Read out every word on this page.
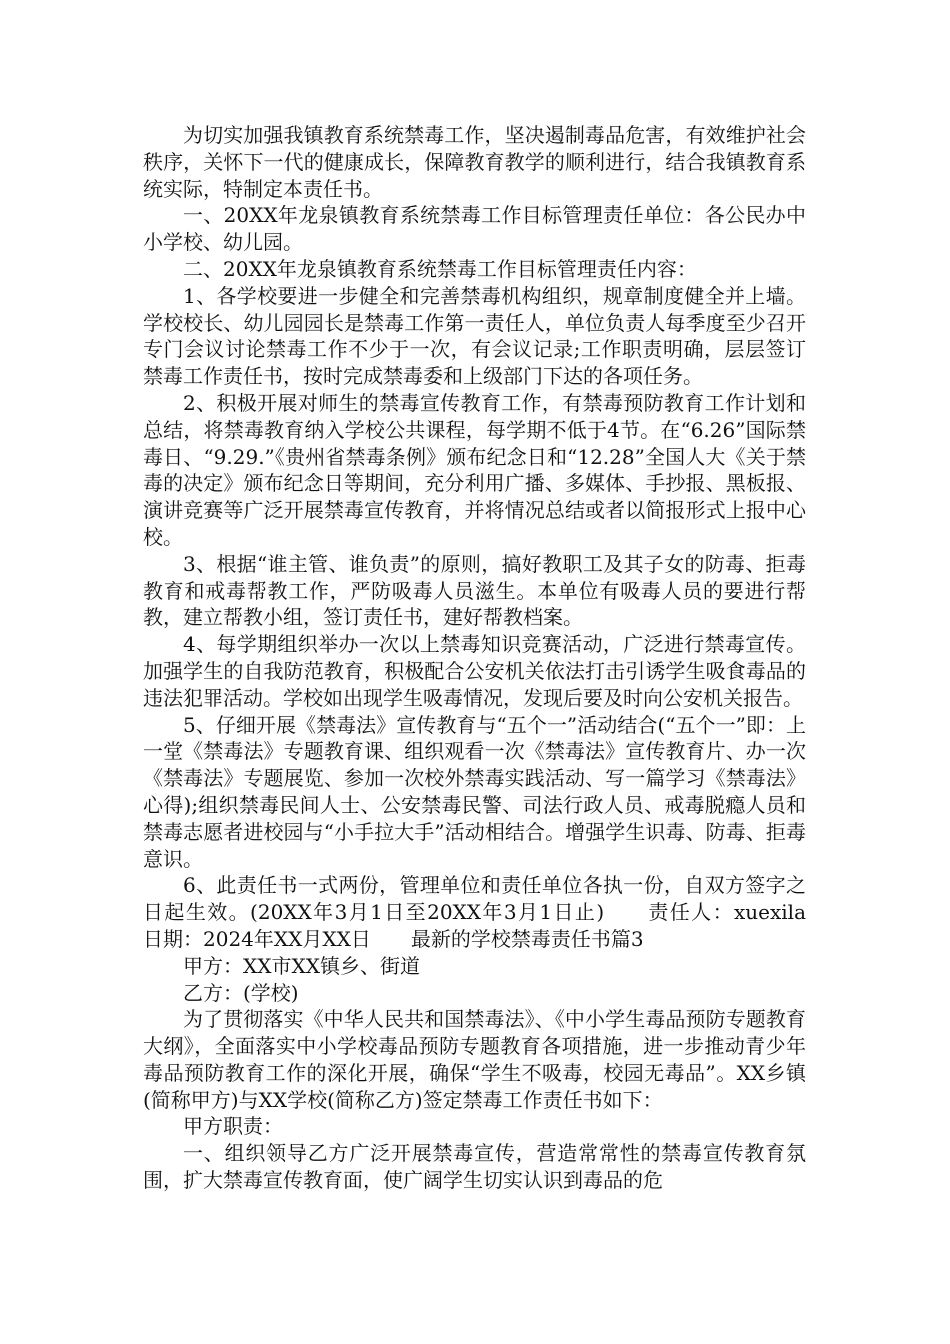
为切实加强我镇教育系统禁毒工作，坚决遏制毒品危害，有效维护社会秩序，关怀下一代的健康成长，保障教育教学的顺利进行，结合我镇教育系统实际，特制定本责任书。

一、20XX年龙泉镇教育系统禁毒工作目标管理责任单位：各公民办中小学校、幼儿园。

二、20XX年龙泉镇教育系统禁毒工作目标管理责任内容：

1、各学校要进一步健全和完善禁毒机构组织，规章制度健全并上墙。学校校长、幼儿园园长是禁毒工作第一责任人，单位负责人每季度至少召开专门会议讨论禁毒工作不少于一次，有会议记录;工作职责明确，层层签订禁毒工作责任书，按时完成禁毒委和上级部门下达的各项任务。

2、积极开展对师生的禁毒宣传教育工作，有禁毒预防教育工作计划和总结，将禁毒教育纳入学校公共课程，每学期不低于4节。在“6.26”国际禁毒日、“9.29.”《贵州省禁毒条例》颁布纪念日和“12.28”全国人大《关于禁毒的决定》颁布纪念日等期间，充分利用广播、多媒体、手抄报、黑板报、演讲竞赛等广泛开展禁毒宣传教育，并将情况总结或者以简报形式上报中心校。

3、根据“谁主管、谁负责”的原则，搞好教职工及其子女的防毒、拒毒教育和戒毒帮教工作，严防吸毒人员滋生。本单位有吸毒人员的要进行帮教，建立帮教小组，签订责任书，建好帮教档案。

4、每学期组织举办一次以上禁毒知识竞赛活动，广泛进行禁毒宣传。加强学生的自我防范教育，积极配合公安机关依法打击引诱学生吸食毒品的违法犯罪活动。学校如出现学生吸毒情况，发现后要及时向公安机关报告。

5、仔细开展《禁毒法》宣传教育与“五个一”活动结合(“五个一”即：上一堂《禁毒法》专题教育课、组织观看一次《禁毒法》宣传教育片、办一次《禁毒法》专题展览、参加一次校外禁毒实践活动、写一篇学习《禁毒法》心得);组织禁毒民间人士、公安禁毒民警、司法行政人员、戒毒脱瘾人员和禁毒志愿者进校园与“小手拉大手”活动相结合。增强学生识毒、防毒、拒毒意识。

6、此责任书一式两份，管理单位和责任单位各执一份，自双方签字之日起生效。(20XX年3月1日至20XX年3月1日止)　　责任人：xuexila　　日期：2024年XX月XX日　　最新的学校禁毒责任书篇3

甲方：XX市XX镇乡、街道

乙方：(学校)

为了贯彻落实《中华人民共和国禁毒法》、《中小学生毒品预防专题教育大纲》，全面落实中小学校毒品预防专题教育各项措施，进一步推动青少年毒品预防教育工作的深化开展，确保“学生不吸毒，校园无毒品”。XX乡镇(简称甲方)与XX学校(简称乙方)签定禁毒工作责任书如下：

甲方职责：

一、组织领导乙方广泛开展禁毒宣传，营造常常性的禁毒宣传教育氛围，扩大禁毒宣传教育面，使广阔学生切实认识到毒品的危
